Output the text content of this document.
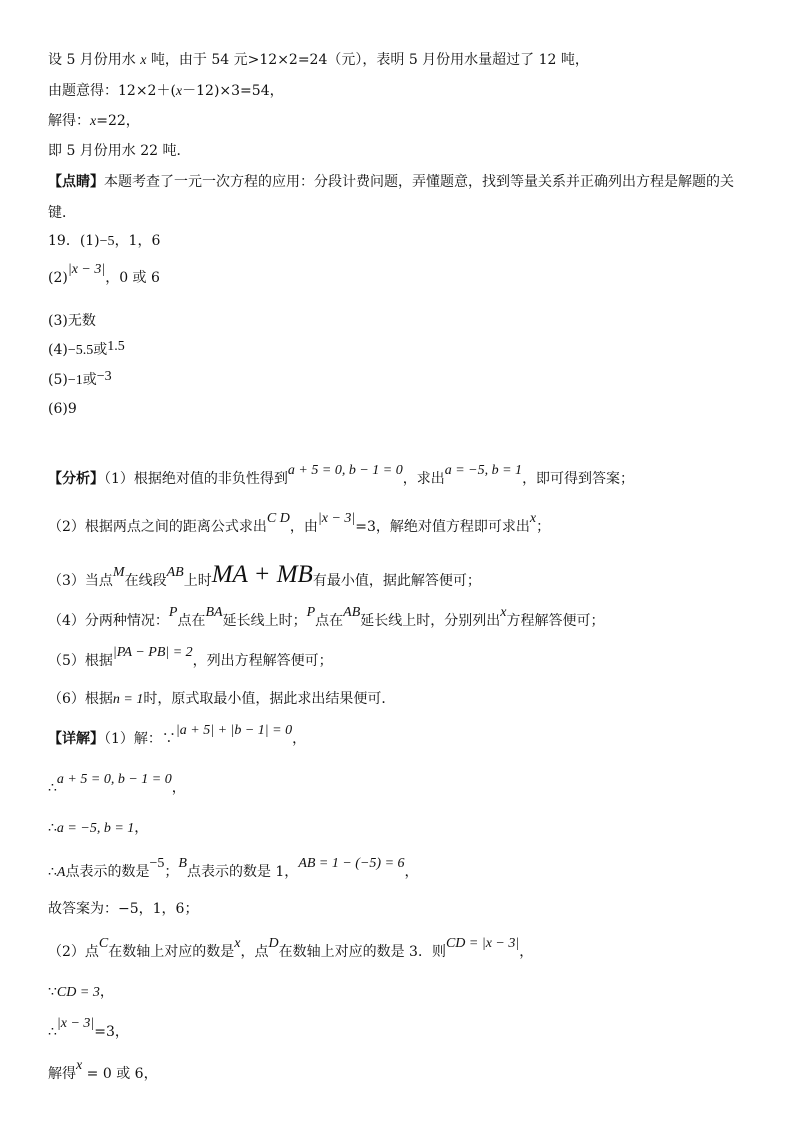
设 5 月份用水 x 吨，由于 54 元>12×2=24（元），表明 5 月份用水量超过了 12 吨，
由题意得：12×2＋(x－12)×3=54，
解得：x=22，
即 5 月份用水 22 吨．
【点睛】本题考查了一元一次方程的应用：分段计费问题，弄懂题意，找到等量关系并正确列出方程是解题的关
键．
19．(1)−5，1，6
(2)|x − 3|，0 或 6
(3)无数
(4)−5.5或1.5
(5)−1或−3
(6)9
【分析】（1）根据绝对值的非负性得到a + 5 = 0, b − 1 = 0，求出a = −5, b = 1，即可得到答案；
（2）根据两点之间的距离公式求出C D，由|x − 3|=3，解绝对值方程即可求出x；
（3）当点M在线段AB上时MA + MB有最小值，据此解答便可；
（4）分两种情况：P点在BA延长线上时；P点在AB延长线上时，分别列出x方程解答便可；
（5）根据|PA − PB| = 2，列出方程解答便可；
（6）根据n = 1时，原式取最小值，据此求出结果便可．
【详解】（1）解：∵|a + 5| + |b − 1| = 0，
∴a + 5 = 0, b − 1 = 0，
∴a = −5, b = 1，
∴A点表示的数是−5；B点表示的数是 1，AB = 1 − (−5) = 6，
故答案为：−5，1，6；
（2）点C在数轴上对应的数是x，点D在数轴上对应的数是 3．则CD = |x − 3|，
∵CD = 3，
∴|x − 3|=3，
解得x = 0 或 6，
